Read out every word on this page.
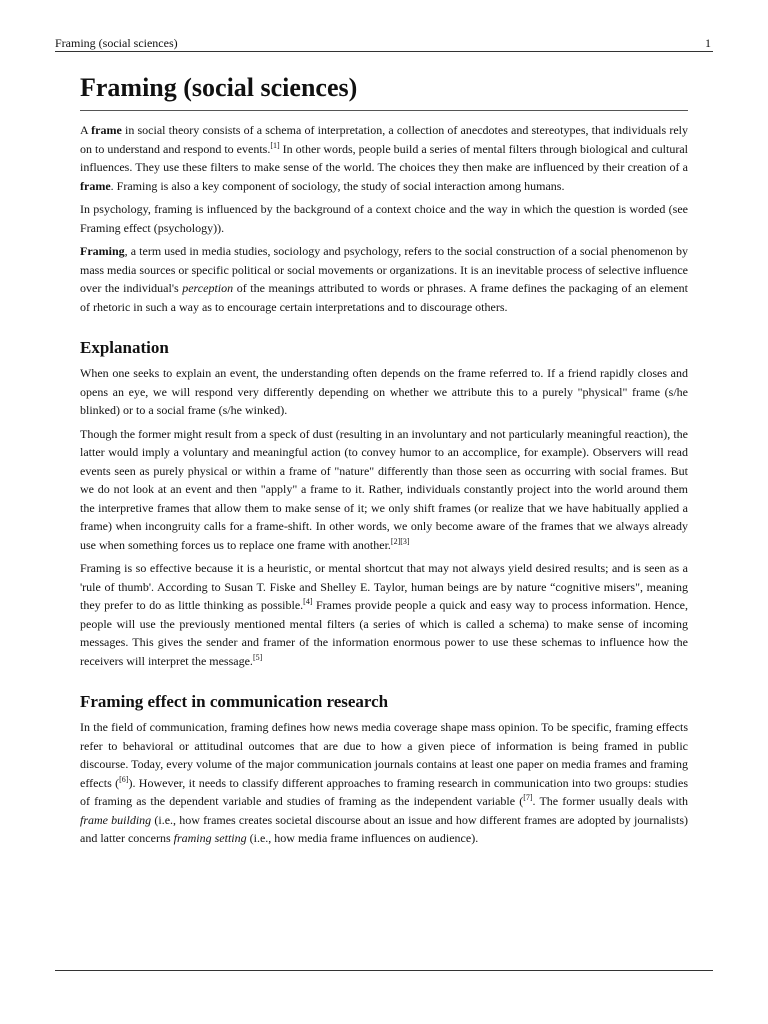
Framing (social sciences)	1
Framing (social sciences)

A frame in social theory consists of a schema of interpretation, a collection of anecdotes and stereotypes, that individuals rely on to understand and respond to events.[1] In other words, people build a series of mental filters through biological and cultural influences. They use these filters to make sense of the world. The choices they then make are influenced by their creation of a frame. Framing is also a key component of sociology, the study of social interaction among humans.

In psychology, framing is influenced by the background of a context choice and the way in which the question is worded (see Framing effect (psychology)).

Framing, a term used in media studies, sociology and psychology, refers to the social construction of a social phenomenon by mass media sources or specific political or social movements or organizations. It is an inevitable process of selective influence over the individual's perception of the meanings attributed to words or phrases. A frame defines the packaging of an element of rhetoric in such a way as to encourage certain interpretations and to discourage others.

Explanation

When one seeks to explain an event, the understanding often depends on the frame referred to. If a friend rapidly closes and opens an eye, we will respond very differently depending on whether we attribute this to a purely "physical" frame (s/he blinked) or to a social frame (s/he winked).

Though the former might result from a speck of dust (resulting in an involuntary and not particularly meaningful reaction), the latter would imply a voluntary and meaningful action (to convey humor to an accomplice, for example). Observers will read events seen as purely physical or within a frame of "nature" differently than those seen as occurring with social frames. But we do not look at an event and then "apply" a frame to it. Rather, individuals constantly project into the world around them the interpretive frames that allow them to make sense of it; we only shift frames (or realize that we have habitually applied a frame) when incongruity calls for a frame-shift. In other words, we only become aware of the frames that we always already use when something forces us to replace one frame with another.[2][3]

Framing is so effective because it is a heuristic, or mental shortcut that may not always yield desired results; and is seen as a 'rule of thumb'. According to Susan T. Fiske and Shelley E. Taylor, human beings are by nature “cognitive misers", meaning they prefer to do as little thinking as possible.[4] Frames provide people a quick and easy way to process information. Hence, people will use the previously mentioned mental filters (a series of which is called a schema) to make sense of incoming messages. This gives the sender and framer of the information enormous power to use these schemas to influence how the receivers will interpret the message.[5]

Framing effect in communication research

In the field of communication, framing defines how news media coverage shape mass opinion. To be specific, framing effects refer to behavioral or attitudinal outcomes that are due to how a given piece of information is being framed in public discourse. Today, every volume of the major communication journals contains at least one paper on media frames and framing effects ([6]). However, it needs to classify different approaches to framing research in communication into two groups: studies of framing as the dependent variable and studies of framing as the independent variable ([7]. The former usually deals with frame building (i.e., how frames creates societal discourse about an issue and how different frames are adopted by journalists) and latter concerns framing setting (i.e., how media frame influences on audience).
